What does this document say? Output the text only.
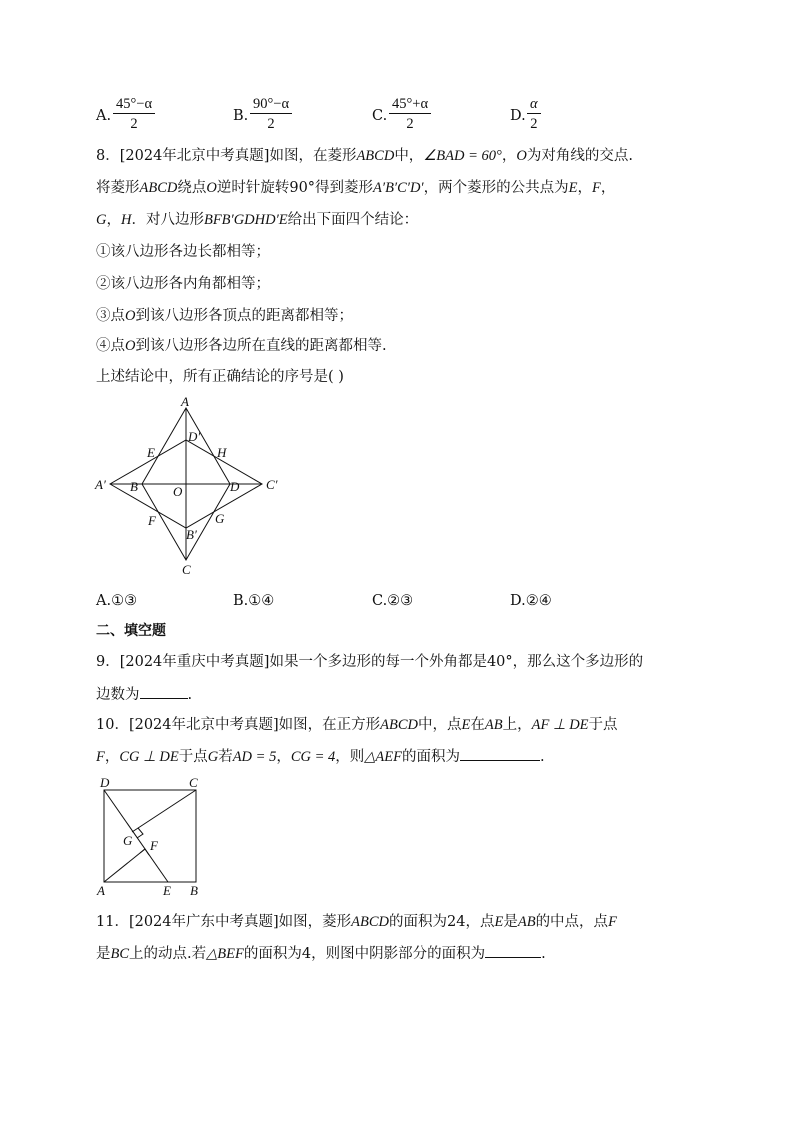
A. $\frac{45^\circ-\alpha}{2}$	B. $\frac{90^\circ-\alpha}{2}$	C. $\frac{45^\circ+\alpha}{2}$	D. $\frac{\alpha}{2}$
8．[2024年北京中考真题]如图，在菱形ABCD中，∠BAD = 60°，O为对角线的交点.
将菱形ABCD绕点O逆时针旋转90°得到菱形A′B′C′D′，两个菱形的公共点为E，F，
G，H．对八边形BFB′GDHD′E给出下面四个结论：
①该八边形各边长都相等；
②该八边形各内角都相等；
③点O到该八边形各顶点的距离都相等；
④点O到该八边形各边所在直线的距离都相等.
上述结论中，所有正确结论的序号是( )
A
D′
E	H
A′ B	O	D C′
F	G
B′
C
A.①③	B.①④	C.②③	D.②④
二、填空题
9．[2024年重庆中考真题]如果一个多边形的每一个外角都是40°，那么这个多边形的
边数为	.
10．[2024年北京中考真题]如图，在正方形ABCD中，点E在AB上，AF ⊥ DE于点
F，CG ⊥ DE于点G若AD = 5，CG = 4，则△AEF的面积为	.
D	C
G F
A	E B
11．[2024年广东中考真题]如图，菱形ABCD的面积为24，点E是AB的中点，点F
是BC上的动点.若△BEF的面积为4，则图中阴影部分的面积为	.
